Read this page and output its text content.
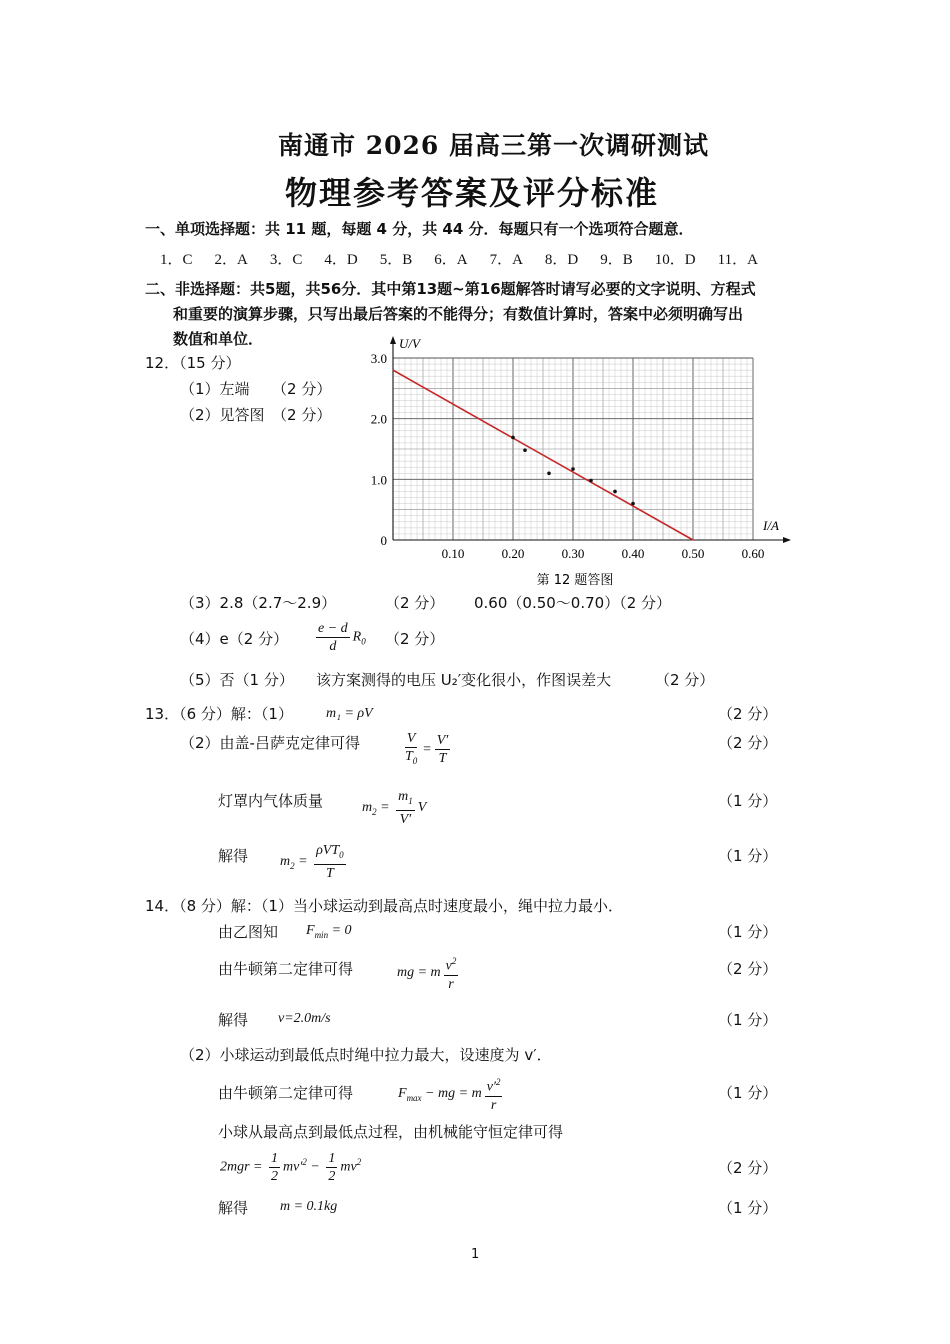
南通市 2026 届高三第一次调研测试
物理参考答案及评分标准
一、单项选择题：共 11 题，每题 4 分，共 44 分．每题只有一个选项符合题意．
1．C 2．A 3．C 4．D 5．B 6．A 7．A 8．D 9．B 10．D 11．A
二、非选择题：共5题，共56分．其中第13题~第16题解答时请写必要的文字说明、方程式
和重要的演算步骤，只写出最后答案的不能得分；有数值计算时，答案中必须明确写出
数值和单位．
12．（15 分）
（1）左端　　（2 分）
（2）见答图　（2 分）
0.10	0.20	0.30	0.40	0.50	0.60
0
1.0
2.0
3.0
I/A
U/V
第 12 题答图
（3）2.8（2.7～2.9）	（2 分） 0.60（0.50～0.70）（2 分）
（4）e（2 分） $\frac{e - d}{d} R_0$ （2 分）
（5）否（1 分） 该方案测得的电压 U₂′变化很小，作图误差大	（2 分）
13．（6 分）解：（1） m₁ = ρV	（2 分）
（2）由盖-吕萨克定律可得	$\frac{V}{T_0} = \frac{V'}{T}$	（2 分）
灯罩内气体质量	$m_2 = \frac{m_1}{V'}$ V	（1 分）
解得 $m_2 = \frac{\rho VT_0}{T}$	（1 分）
14．（8 分）解：（1）当小球运动到最高点时速度最小，绳中拉力最小．
由乙图知 $F_{min} = 0$	（1 分）
由牛顿第二定律可得	mg = m $\frac{v^2}{r}$	（2 分）
解得 v=2.0m/s	（1 分）
（2）小球运动到最低点时绳中拉力最大，设速度为 v′．
由牛顿第二定律可得	$F_{max}$ − mg = m $\frac{v'^2}{r}$	（1 分）
小球从最高点到最低点过程，由机械能守恒定律可得
$2mgr = \frac{1}{2} mv'^2 - \frac{1}{2} mv^2$	（2 分）
解得 m = 0.1kg	（1 分）
1
